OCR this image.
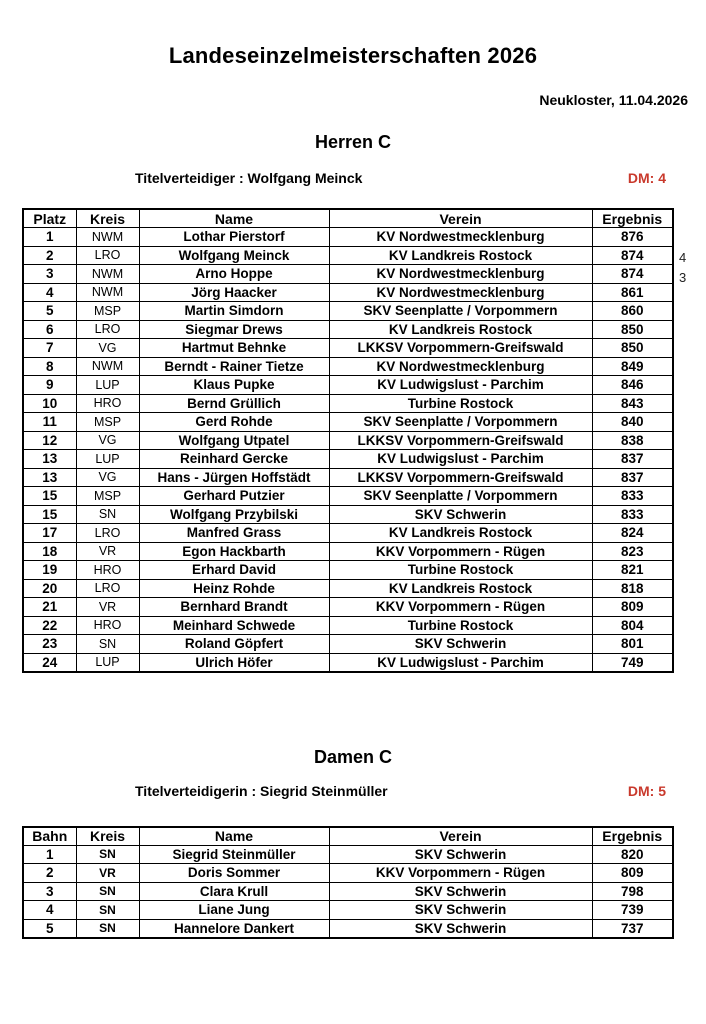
Landeseinzelmeisterschaften 2026
Neukloster, 11.04.2026
Herren C
Titelverteidiger : Wolfgang Meinck	DM: 4
Platz	Kreis	Name	Verein	Ergebnis
1	NWM	Lothar Pierstorf	KV Nordwestmecklenburg	876
2	LRO	Wolfgang Meinck	KV Landkreis Rostock	874
3	NWM	Arno Hoppe	KV Nordwestmecklenburg	874
4	NWM	Jörg Haacker	KV Nordwestmecklenburg	861
5	MSP	Martin Simdorn	SKV Seenplatte / Vorpommern	860
6	LRO	Siegmar Drews	KV Landkreis Rostock	850
7	VG	Hartmut Behnke	LKKSV Vorpommern-Greifswald	850
8	NWM	Berndt - Rainer Tietze	KV Nordwestmecklenburg	849
9	LUP	Klaus Pupke	KV Ludwigslust - Parchim	846
10	HRO	Bernd Grüllich	Turbine Rostock	843
11	MSP	Gerd Rohde	SKV Seenplatte / Vorpommern	840
12	VG	Wolfgang Utpatel	LKKSV Vorpommern-Greifswald	838
13	LUP	Reinhard Gercke	KV Ludwigslust - Parchim	837
13	VG	Hans - Jürgen Hoffstädt	LKKSV Vorpommern-Greifswald	837
15	MSP	Gerhard Putzier	SKV Seenplatte / Vorpommern	833
15	SN	Wolfgang Przybilski	SKV Schwerin	833
17	LRO	Manfred Grass	KV Landkreis Rostock	824
18	VR	Egon Hackbarth	KKV Vorpommern - Rügen	823
19	HRO	Erhard David	Turbine Rostock	821
20	LRO	Heinz Rohde	KV Landkreis Rostock	818
21	VR	Bernhard Brandt	KKV Vorpommern - Rügen	809
22	HRO	Meinhard Schwede	Turbine Rostock	804
23	SN	Roland Göpfert	SKV Schwerin	801
24	LUP	Ulrich Höfer	KV Ludwigslust - Parchim	749
4
3
Damen C
Titelverteidigerin : Siegrid Steinmüller	DM: 5
Bahn	Kreis	Name	Verein	Ergebnis
1	SN	Siegrid Steinmüller	SKV Schwerin	820
2	VR	Doris Sommer	KKV Vorpommern - Rügen	809
3	SN	Clara Krull	SKV Schwerin	798
4	SN	Liane Jung	SKV Schwerin	739
5	SN	Hannelore Dankert	SKV Schwerin	737
